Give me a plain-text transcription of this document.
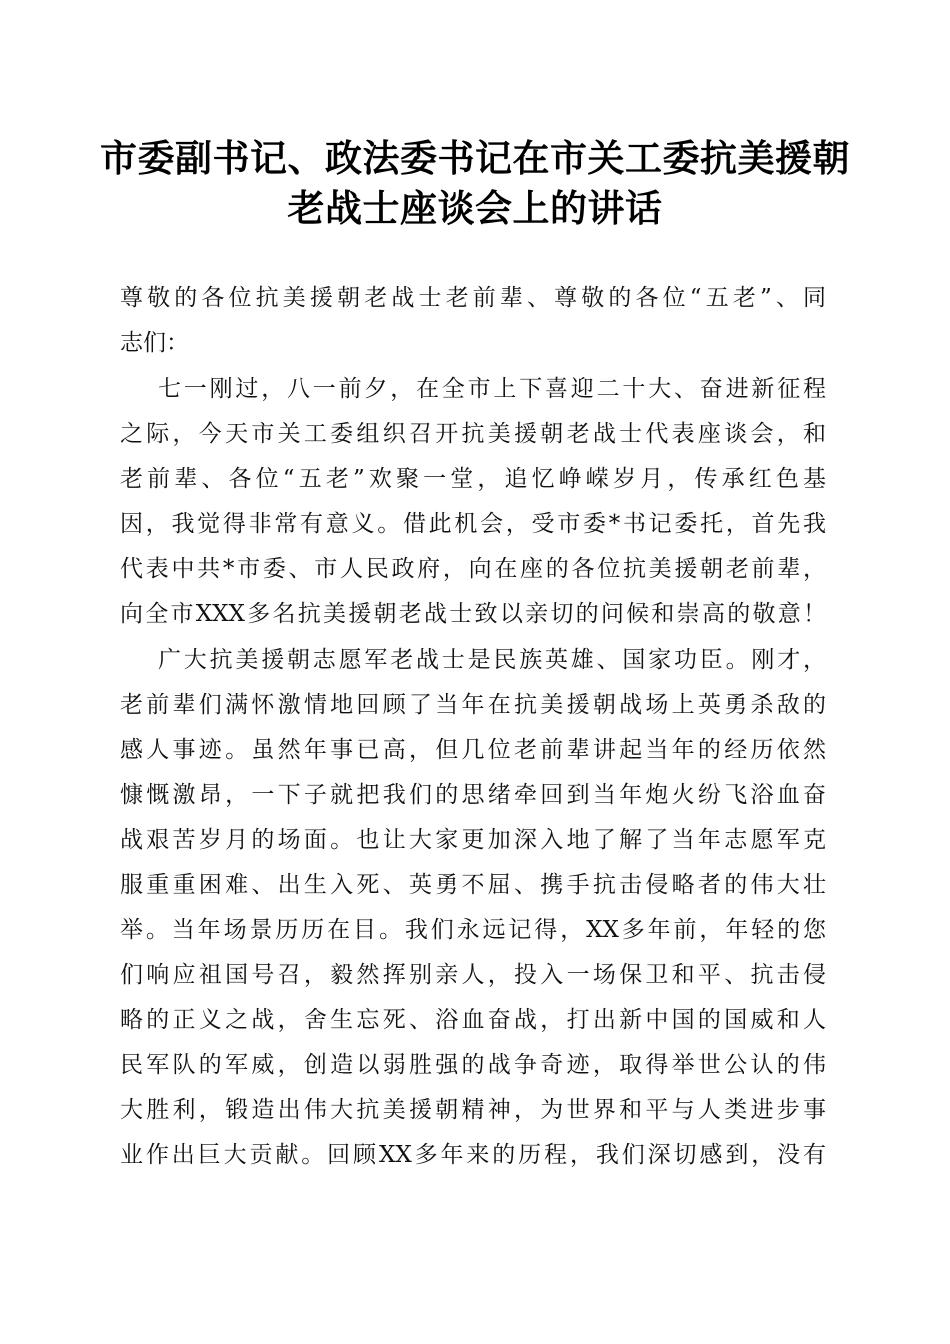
市委副书记、政法委书记在市关工委抗美援朝
老战士座谈会上的讲话
尊敬的各位抗美援朝老战士老前辈、尊敬的各位“五老”、同
志们：
七一刚过，八一前夕，在全市上下喜迎二十大、奋进新征程
之际，今天市关工委组织召开抗美援朝老战士代表座谈会，和
老前辈、各位“五老”欢聚一堂，追忆峥嵘岁月，传承红色基
因，我觉得非常有意义。借此机会，受市委*书记委托，首先我
代表中共*市委、市人民政府，向在座的各位抗美援朝老前辈，
向全市XXX多名抗美援朝老战士致以亲切的问候和崇高的敬意！
广大抗美援朝志愿军老战士是民族英雄、国家功臣。刚才，
老前辈们满怀激情地回顾了当年在抗美援朝战场上英勇杀敌的
感人事迹。虽然年事已高，但几位老前辈讲起当年的经历依然
慷慨激昂，一下子就把我们的思绪牵回到当年炮火纷飞浴血奋
战艰苦岁月的场面。也让大家更加深入地了解了当年志愿军克
服重重困难、出生入死、英勇不屈、携手抗击侵略者的伟大壮
举。当年场景历历在目。我们永远记得，XX多年前，年轻的您
们响应祖国号召，毅然挥别亲人，投入一场保卫和平、抗击侵
略的正义之战，舍生忘死、浴血奋战，打出新中国的国威和人
民军队的军威，创造以弱胜强的战争奇迹，取得举世公认的伟
大胜利，锻造出伟大抗美援朝精神，为世界和平与人类进步事
业作出巨大贡献。回顾XX多年来的历程，我们深切感到，没有
